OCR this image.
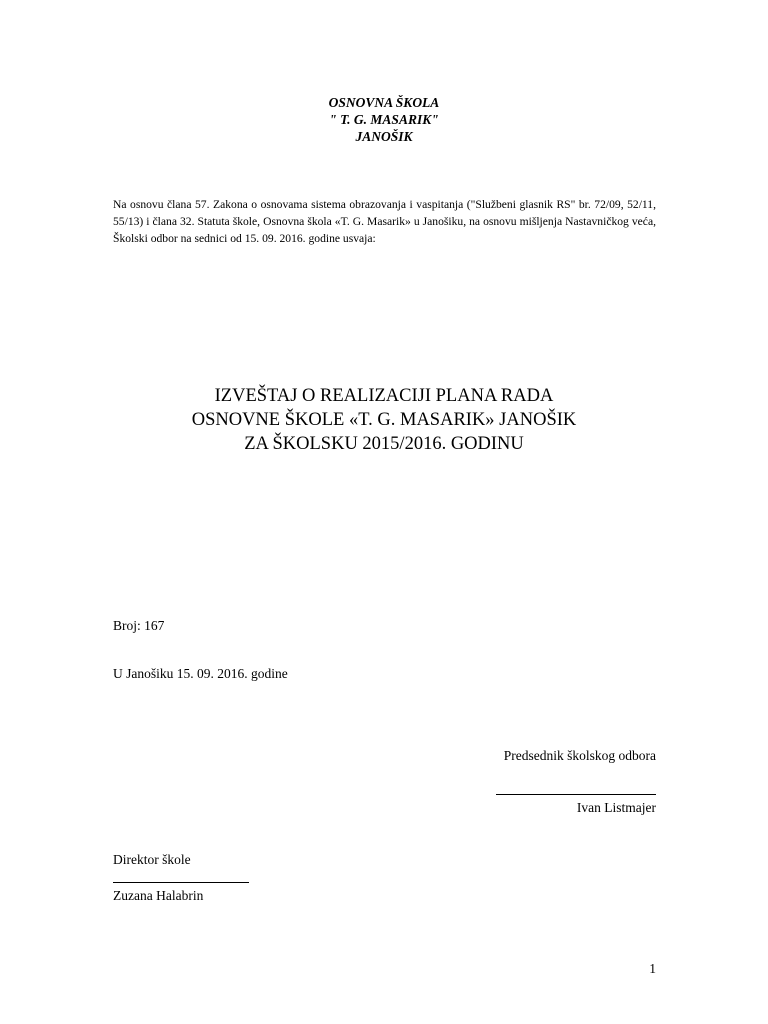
OSNOVNA ŠKOLA
" T. G. MASARIK"
JANOŠIK
Na osnovu člana 57. Zakona o osnovama sistema obrazovanja i vaspitanja ("Službeni glasnik RS" br. 72/09, 52/11, 55/13) i člana 32. Statuta škole, Osnovna škola «T. G. Masarik» u Janošiku, na osnovu mišljenja Nastavničkog veća, Školski odbor na sednici od 15. 09. 2016. godine usvaja:
IZVEŠTAJ O REALIZACIJI PLANA RADA
OSNOVNE ŠKOLE «T. G. MASARIK» JANOŠIK
ZA ŠKOLSKU 2015/2016. GODINU
Broj: 167
U Janošiku 15. 09. 2016. godine
Predsednik školskog odbora
Ivan Listmajer
Direktor škole
Zuzana Halabrin
1
